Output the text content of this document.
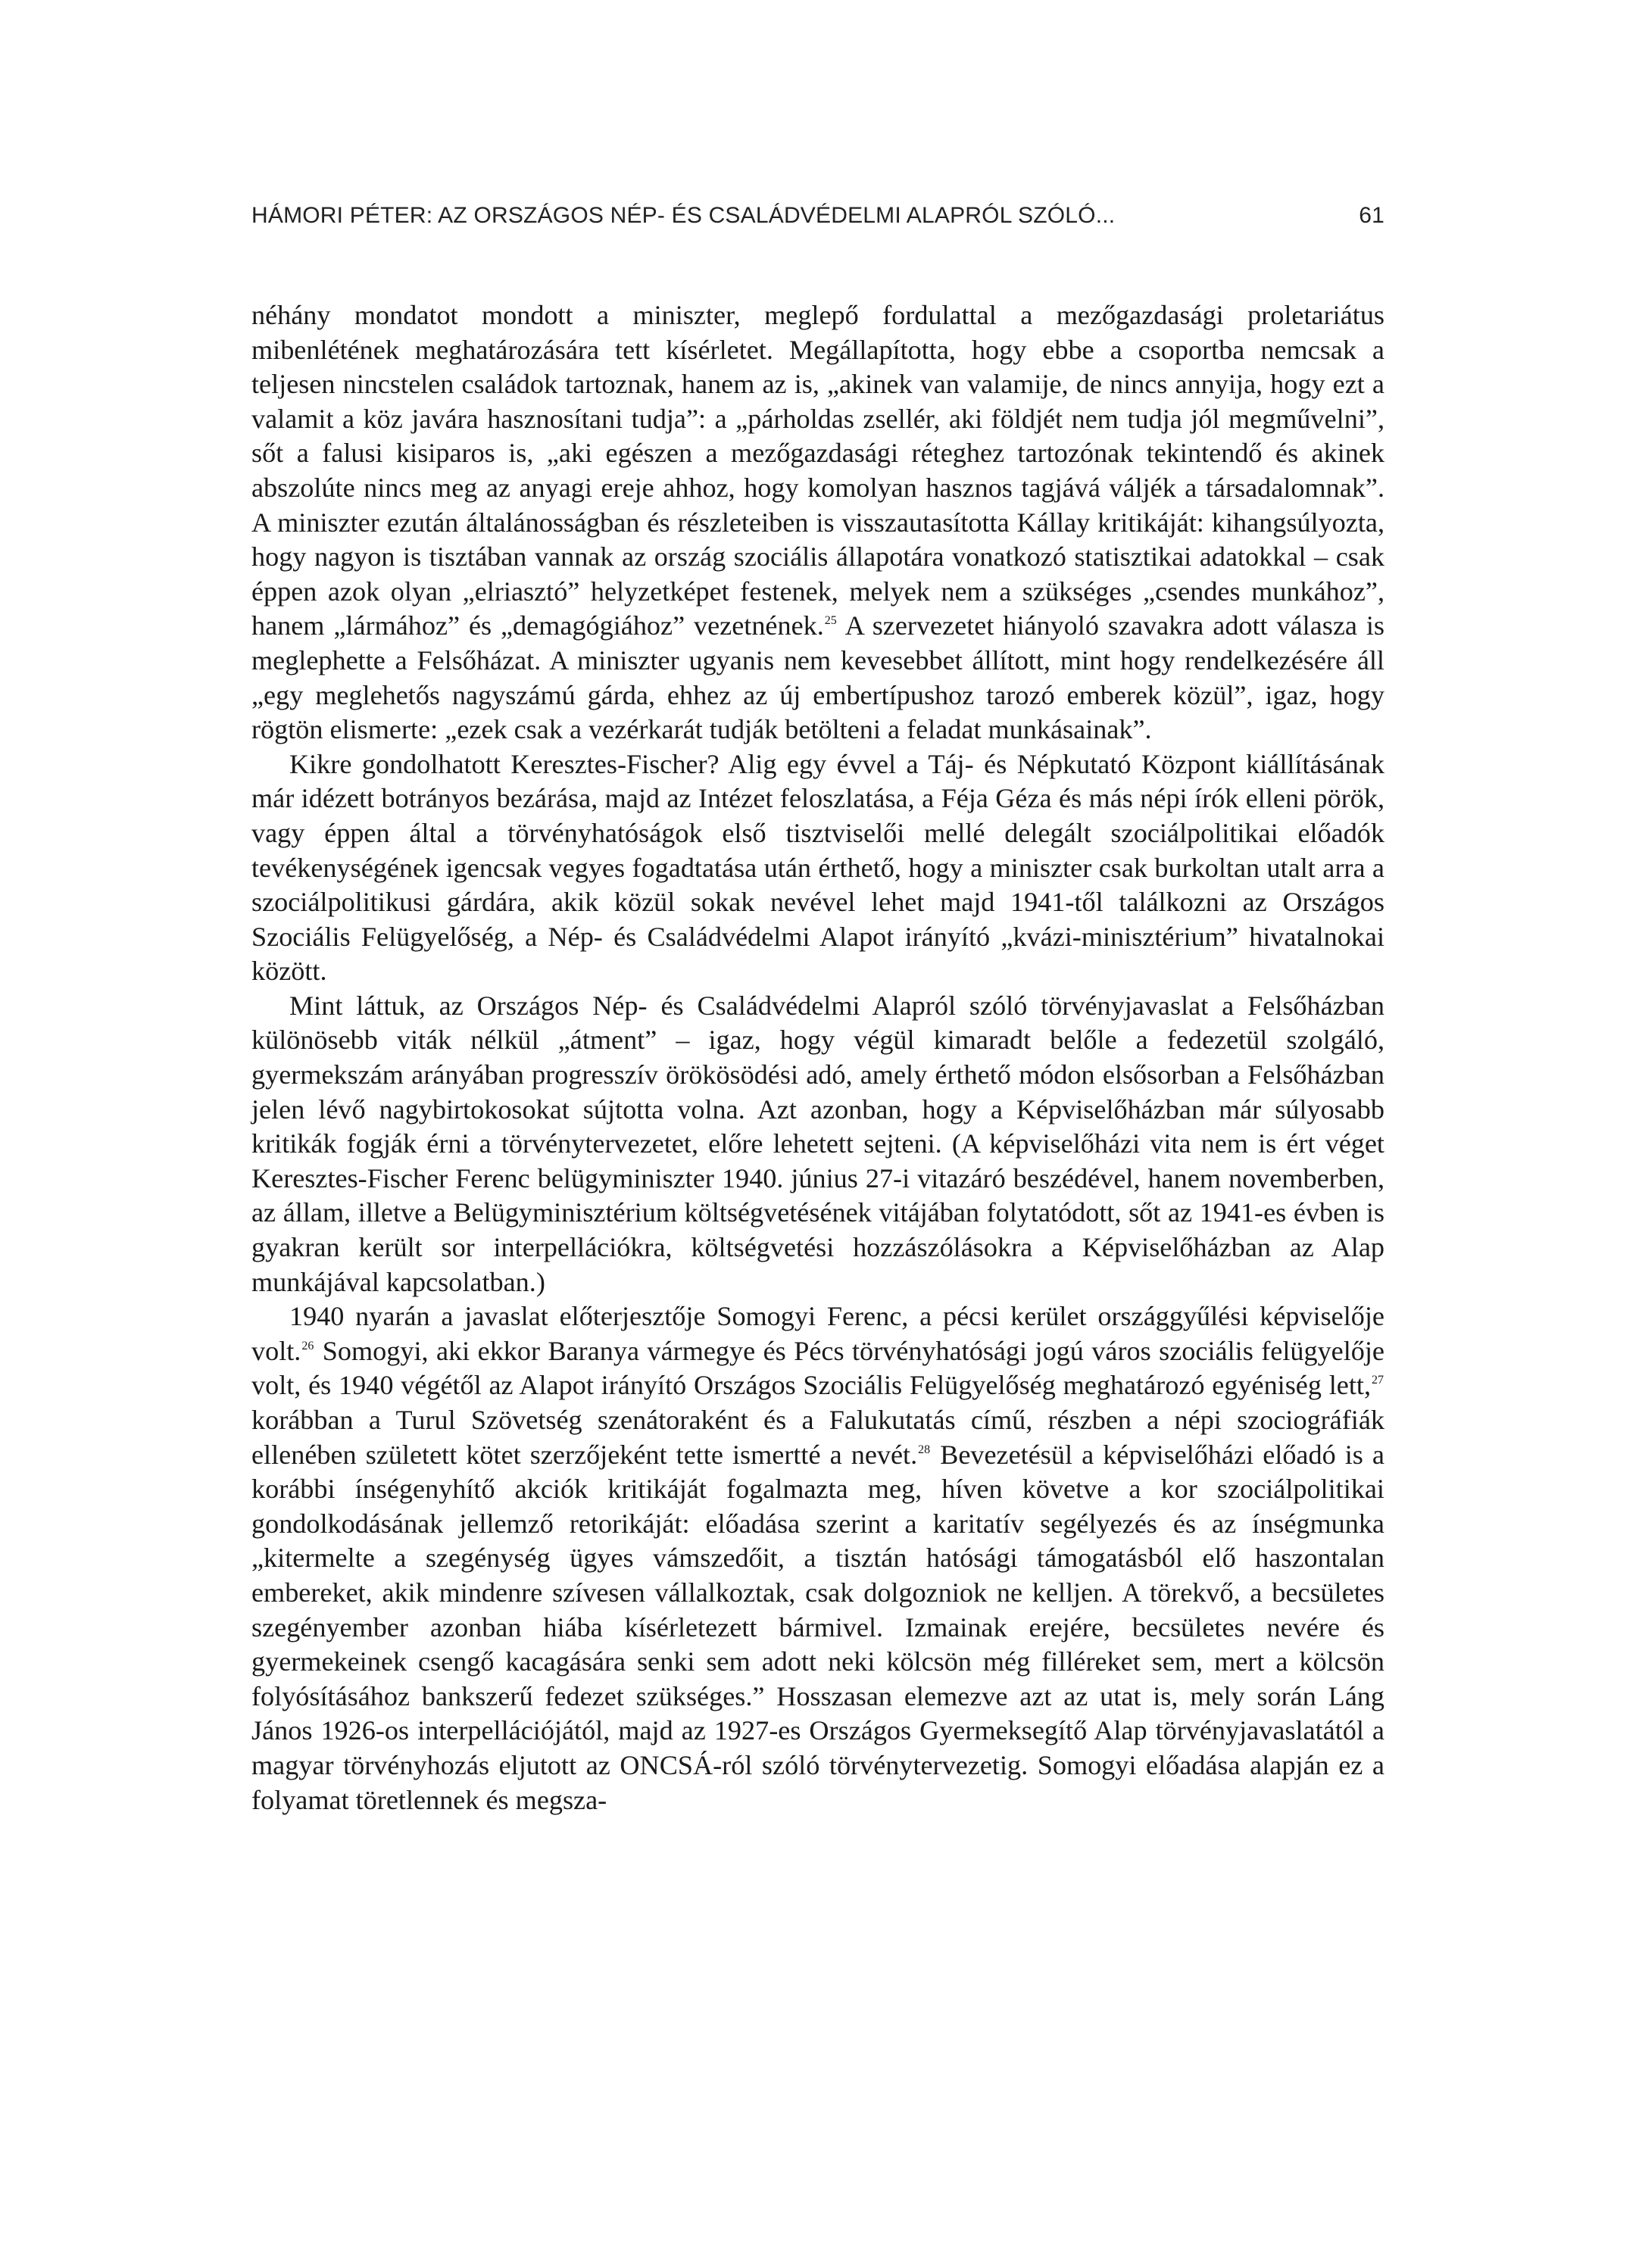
HÁMORI PÉTER: AZ ORSZÁGOS NÉP- ÉS CSALÁDVÉDELMI ALAPRÓL SZÓLÓ...	61

néhány mondatot mondott a miniszter, meglepő fordulattal a mezőgazdasági proletariátus mibenlétének meghatározására tett kísérletet. Megállapította, hogy ebbe a csoportba nemcsak a teljesen nincstelen családok tartoznak, hanem az is, „akinek van valamije, de nincs annyija, hogy ezt a valamit a köz javára hasznosítani tudja”: a „párholdas zsellér, aki földjét nem tudja jól megművelni”, sőt a falusi kisiparos is, „aki egészen a mezőgazdasági réteghez tartozónak tekintendő és akinek abszolúte nincs meg az anyagi ereje ahhoz, hogy komolyan hasznos tagjává váljék a társadalomnak”. A miniszter ezután általánosságban és részleteiben is visszautasította Kállay kritikáját: kihangsúlyozta, hogy nagyon is tisztában vannak az ország szociális állapotára vonatkozó statisztikai adatokkal – csak éppen azok olyan „elriasztó” helyzetképet festenek, melyek nem a szükséges „csendes munkához”, hanem „lármához” és „demagógiához” vezetnének.$^{25}$ A szervezetet hiányoló szavakra adott válasza is meglephette a Felsőházat. A miniszter ugyanis nem kevesebbet állított, mint hogy rendelkezésére áll „egy meglehetős nagyszámú gárda, ehhez az új embertípushoz tarozó emberek közül”, igaz, hogy rögtön elismerte: „ezek csak a vezérkarát tudják betölteni a feladat munkásainak”.

Kikre gondolhatott Keresztes-Fischer? Alig egy évvel a Táj- és Népkutató Központ kiállításának már idézett botrányos bezárása, majd az Intézet feloszlatása, a Féja Géza és más népi írók elleni pörök, vagy éppen által a törvényhatóságok első tisztviselői mellé delegált szociálpolitikai előadók tevékenységének igencsak vegyes fogadtatása után érthető, hogy a miniszter csak burkoltan utalt arra a szociálpolitikusi gárdára, akik közül sokak nevével lehet majd 1941-től találkozni az Országos Szociális Felügyelőség, a Nép- és Családvédelmi Alapot irányító „kvázi-minisztérium” hivatalnokai között.

Mint láttuk, az Országos Nép- és Családvédelmi Alapról szóló törvényjavaslat a Felsőházban különösebb viták nélkül „átment” – igaz, hogy végül kimaradt belőle a fedezetül szolgáló, gyermekszám arányában progresszív örökösödési adó, amely érthető módon elsősorban a Felsőházban jelen lévő nagybirtokosokat sújtotta volna. Azt azonban, hogy a Képviselőházban már súlyosabb kritikák fogják érni a törvénytervezetet, előre lehetett sejteni. (A képviselőházi vita nem is ért véget Keresztes-Fischer Ferenc belügyminiszter 1940. június 27-i vitazáró beszédével, hanem novemberben, az állam, illetve a Belügyminisztérium költségvetésének vitájában folytatódott, sőt az 1941-es évben is gyakran került sor interpellációkra, költségvetési hozzászólásokra a Képviselőházban az Alap munkájával kapcsolatban.)

1940 nyarán a javaslat előterjesztője Somogyi Ferenc, a pécsi kerület országgyűlési képviselője volt.$^{26}$ Somogyi, aki ekkor Baranya vármegye és Pécs törvényhatósági jogú város szociális felügyelője volt, és 1940 végétől az Alapot irányító Országos Szociális Felügyelőség meghatározó egyéniség lett,$^{27}$ korábban a Turul Szövetség szenátoraként és a Falukutatás című, részben a népi szociográfiák ellenében született kötet szerzőjeként tette ismertté a nevét.$^{28}$ Bevezetésül a képviselőházi előadó is a korábbi ínségenyhítő akciók kritikáját fogalmazta meg, híven követve a kor szociálpolitikai gondolkodásának jellemző retorikáját: előadása szerint a karitatív segélyezés és az ínségmunka „kitermelte a szegénység ügyes vámszedőit, a tisztán hatósági támogatásból elő haszontalan embereket, akik mindenre szívesen vállalkoztak, csak dolgozniok ne kelljen. A törekvő, a becsületes szegényember azonban hiába kísérletezett bármivel. Izmainak erejére, becsületes nevére és gyermekeinek csengő kacagására senki sem adott neki kölcsön még filléreket sem, mert a kölcsön folyósításához bankszerű fedezet szükséges.” Hosszasan elemezve azt az utat is, mely során Láng János 1926-os interpellációjától, majd az 1927-es Országos Gyermeksegítő Alap törvényjavaslatától a magyar törvényhozás eljutott az ONCSÁ-ról szóló törvénytervezetig. Somogyi előadása alapján ez a folyamat töretlennek és megsza-
